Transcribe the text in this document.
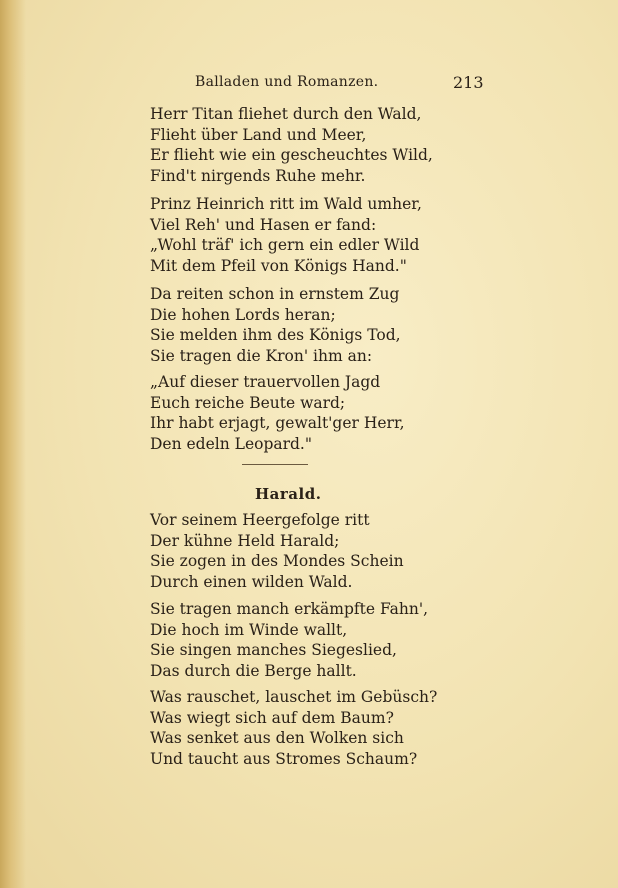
Balladen und Romanzen.	213
Herr Titan fliehet durch den Wald,
Flieht über Land und Meer,
Er flieht wie ein gescheuchtes Wild,
Find't nirgends Ruhe mehr.
Prinz Heinrich ritt im Wald umher,
Viel Reh' und Hasen er fand:
„Wohl träf' ich gern ein edler Wild
Mit dem Pfeil von Königs Hand."
Da reiten schon in ernstem Zug
Die hohen Lords heran;
Sie melden ihm des Königs Tod,
Sie tragen die Kron' ihm an:
„Auf dieser trauervollen Jagd
Euch reiche Beute ward;
Ihr habt erjagt, gewalt'ger Herr,
Den edeln Leopard."
Harald.
Vor seinem Heergefolge ritt
Der kühne Held Harald;
Sie zogen in des Mondes Schein
Durch einen wilden Wald.
Sie tragen manch erkämpfte Fahn',
Die hoch im Winde wallt,
Sie singen manches Siegeslied,
Das durch die Berge hallt.
Was rauschet, lauschet im Gebüsch?
Was wiegt sich auf dem Baum?
Was senket aus den Wolken sich
Und taucht aus Stromes Schaum?
